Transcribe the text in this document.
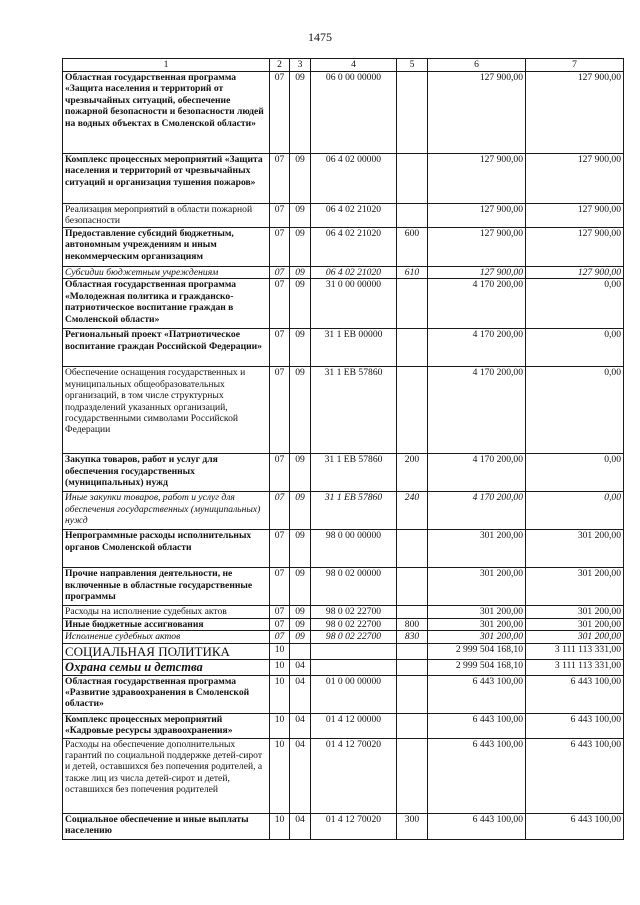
1475
1	2	3	4	5	6	7
Областная государственная программа «Защита населения и территорий от чрезвычайных ситуаций, обеспечение пожарной безопасности и безопасности людей на водных объектах в Смоленской области»	07	09	06 0 00 00000		127 900,00	127 900,00
Комплекс процессных мероприятий «Защита населения и территорий от чрезвычайных ситуаций и организация тушения пожаров»	07	09	06 4 02 00000		127 900,00	127 900,00
Реализация мероприятий в области пожарной безопасности	07	09	06 4 02 21020		127 900,00	127 900,00
Предоставление субсидий бюджетным, автономным учреждениям и иным некоммерческим организациям	07	09	06 4 02 21020	600	127 900,00	127 900,00
Субсидии бюджетным учреждениям	07	09	06 4 02 21020	610	127 900,00	127 900,00
Областная государственная программа «Молодежная политика и гражданско-патриотическое воспитание граждан в Смоленской области»	07	09	31 0 00 00000		4 170 200,00	0,00
Региональный проект «Патриотическое воспитание граждан Российской Федерации»	07	09	31 1 ЕВ 00000		4 170 200,00	0,00
Обеспечение оснащения государственных и муниципальных общеобразовательных организаций, в том числе структурных подразделений указанных организаций, государственными символами Российской Федерации	07	09	31 1 ЕВ 57860		4 170 200,00	0,00
Закупка товаров, работ и услуг для обеспечения государственных (муниципальных) нужд	07	09	31 1 ЕВ 57860	200	4 170 200,00	0,00
Иные закупки товаров, работ и услуг для обеспечения государственных (муниципальных) нужд	07	09	31 1 ЕВ 57860	240	4 170 200,00	0,00
Непрограммные расходы исполнительных органов Смоленской области	07	09	98 0 00 00000		301 200,00	301 200,00
Прочие направления деятельности, не включенные в областные государственные программы	07	09	98 0 02 00000		301 200,00	301 200,00
Расходы на исполнение судебных актов	07	09	98 0 02 22700		301 200,00	301 200,00
Иные бюджетные ассигнования	07	09	98 0 02 22700	800	301 200,00	301 200,00
Исполнение судебных актов	07	09	98 0 02 22700	830	301 200,00	301 200,00
СОЦИАЛЬНАЯ ПОЛИТИКА	10				2 999 504 168,10	3 111 113 331,00
Охрана семьи и детства	10	04			2 999 504 168,10	3 111 113 331,00
Областная государственная программа «Развитие здравоохранения в Смоленской области»	10	04	01 0 00 00000		6 443 100,00	6 443 100,00
Комплекс процессных мероприятий «Кадровые ресурсы здравоохранения»	10	04	01 4 12 00000		6 443 100,00	6 443 100,00
Расходы на обеспечение дополнительных гарантий по социальной поддержке детей-сирот и детей, оставшихся без попечения родителей, а также лиц из числа детей-сирот и детей, оставшихся без попечения родителей	10	04	01 4 12 70020		6 443 100,00	6 443 100,00
Социальное обеспечение и иные выплаты населению	10	04	01 4 12 70020	300	6 443 100,00	6 443 100,00
